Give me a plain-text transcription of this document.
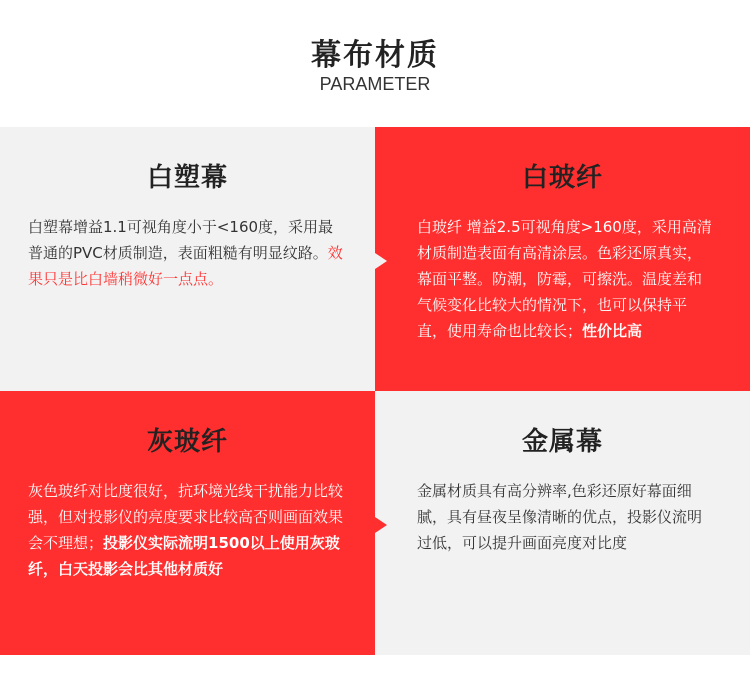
幕布材质
PARAMETER
白塑幕
白塑幕增益1.1可视角度小于<160度，采用最普通的PVC材质制造，表面粗糙有明显纹路。效果只是比白墙稍微好一点点。
白玻纤
白玻纤 增益2.5可视角度>160度，采用高清材质制造表面有高清涂层。色彩还原真实，幕面平整。防潮，防霉，可擦洗。温度差和气候变化比较大的情况下，也可以保持平直，使用寿命也比较长；性价比高
灰玻纤
灰色玻纤对比度很好，抗环境光线干扰能力比较强，但对投影仪的亮度要求比较高否则画面效果会不理想；投影仪实际流明1500以上使用灰玻纤，白天投影会比其他材质好
金属幕
金属材质具有高分辨率,色彩还原好幕面细腻，具有昼夜呈像清晰的优点，投影仪流明过低，可以提升画面亮度对比度
